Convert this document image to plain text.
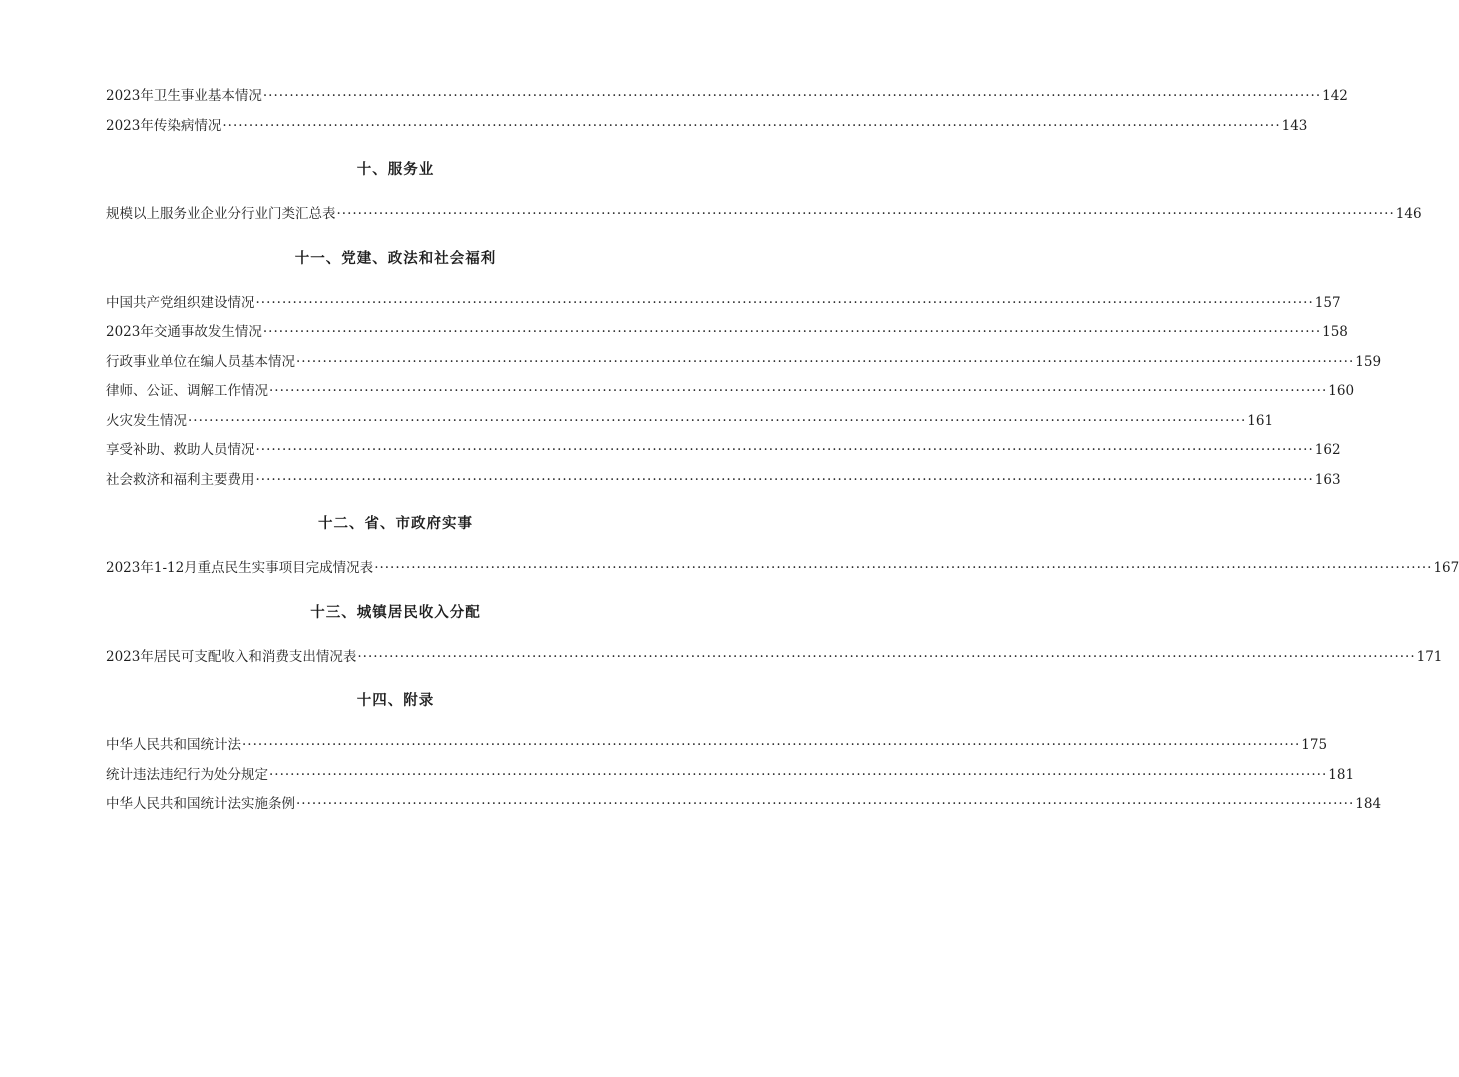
2023年卫生事业基本情况 ········································································································································································································ 142
2023年传染病情况 ········································································································································································································ 143
十、服务业
规模以上服务业企业分行业门类汇总表 ········································································································································································································ 146
十一、党建、政法和社会福利
中国共产党组织建设情况 ········································································································································································································ 157
2023年交通事故发生情况 ········································································································································································································ 158
行政事业单位在编人员基本情况 ········································································································································································································ 159
律师、公证、调解工作情况 ········································································································································································································ 160
火灾发生情况 ········································································································································································································ 161
享受补助、救助人员情况 ········································································································································································································ 162
社会救济和福利主要费用 ········································································································································································································ 163
十二、省、市政府实事
2023年1-12月重点民生实事项目完成情况表 ········································································································································································································ 167
十三、城镇居民收入分配
2023年居民可支配收入和消费支出情况表 ········································································································································································································ 171
十四、附录
中华人民共和国统计法 ········································································································································································································ 175
统计违法违纪行为处分规定 ········································································································································································································ 181
中华人民共和国统计法实施条例 ········································································································································································································ 184
